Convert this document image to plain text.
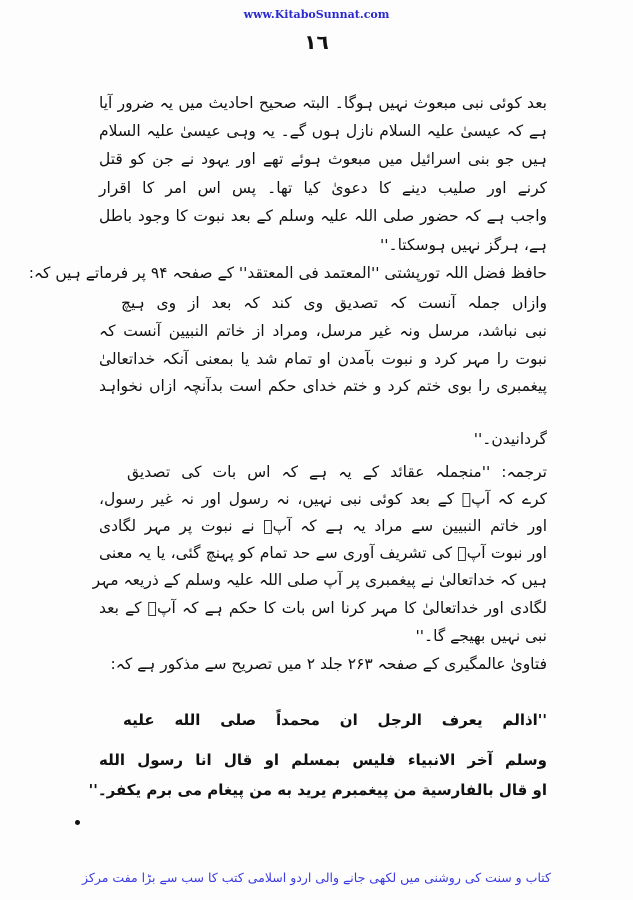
www.KitaboSunnat.com
١٦
بعد کوئی نبی مبعوث نہیں ہوگا۔ البتہ صحیح احادیث میں یہ ضرور آیا
ہے کہ عیسیٰ علیہ السلام نازل ہوں گے۔ یہ وہی عیسیٰ علیہ السلام
ہیں جو بنی اسرائیل میں مبعوث ہوئے تھے اور یہود نے جن کو قتل
کرنے اور صلیب دینے کا دعویٰ کیا تھا۔ پس اس امر کا اقرار
واجب ہے کہ حضور صلی اللہ علیہ وسلم کے بعد نبوت کا وجود باطل
ہے، ہرگز نہیں ہوسکتا۔''
حافظ فضل اللہ تورپشتی ''المعتمد فی المعتقد'' کے صفحہ ۹۴ پر فرماتے ہیں کہ:
وازاں جملہ آنست کہ تصدیق وی کند کہ بعد از وی ہیچ
نبی نباشد، مرسل ونہ غیر مرسل، ومراد از خاتم النبیین آنست کہ
نبوت را مہر کرد و نبوت بآمدن او تمام شد یا بمعنی آنکہ خداتعالیٰ
پیغمبری را بوی ختم کرد و ختم خدای حکم است بدآنچہ ازاں نخواہد
گردانیدن۔''
ترجمہ: ''منجملہ عقائد کے یہ ہے کہ اس بات کی تصدیق
کرے کہ آپؐ کے بعد کوئی نبی نہیں، نہ رسول اور نہ غیر رسول،
اور خاتم النبیین سے مراد یہ ہے کہ آپؐ نے نبوت پر مہر لگادی
اور نبوت آپؐ کی تشریف آوری سے حد تمام کو پہنچ گئی، یا یہ معنی
ہیں کہ خداتعالیٰ نے پیغمبری پر آپ صلی اللہ علیہ وسلم کے ذریعہ مہر
لگادی اور خداتعالیٰ کا مہر کرنا اس بات کا حکم ہے کہ آپؐ کے بعد
نبی نہیں بھیجے گا۔''
فتاویٰ عالمگیری کے صفحہ ۲۶۳ جلد ۲ میں تصریح سے مذکور ہے کہ:
''اذالم یعرف الرجل ان محمداً صلی الله علیه
وسلم آخر الانبیاء فلیس بمسلم او قال انا رسول الله
او قال بالفارسیة من پیغمبرم یرید به من پیغام می برم یکفر۔''
کتاب و سنت کی روشنی میں لکھی جانے والی اردو اسلامی کتب کا سب سے بڑا مفت مرکز
